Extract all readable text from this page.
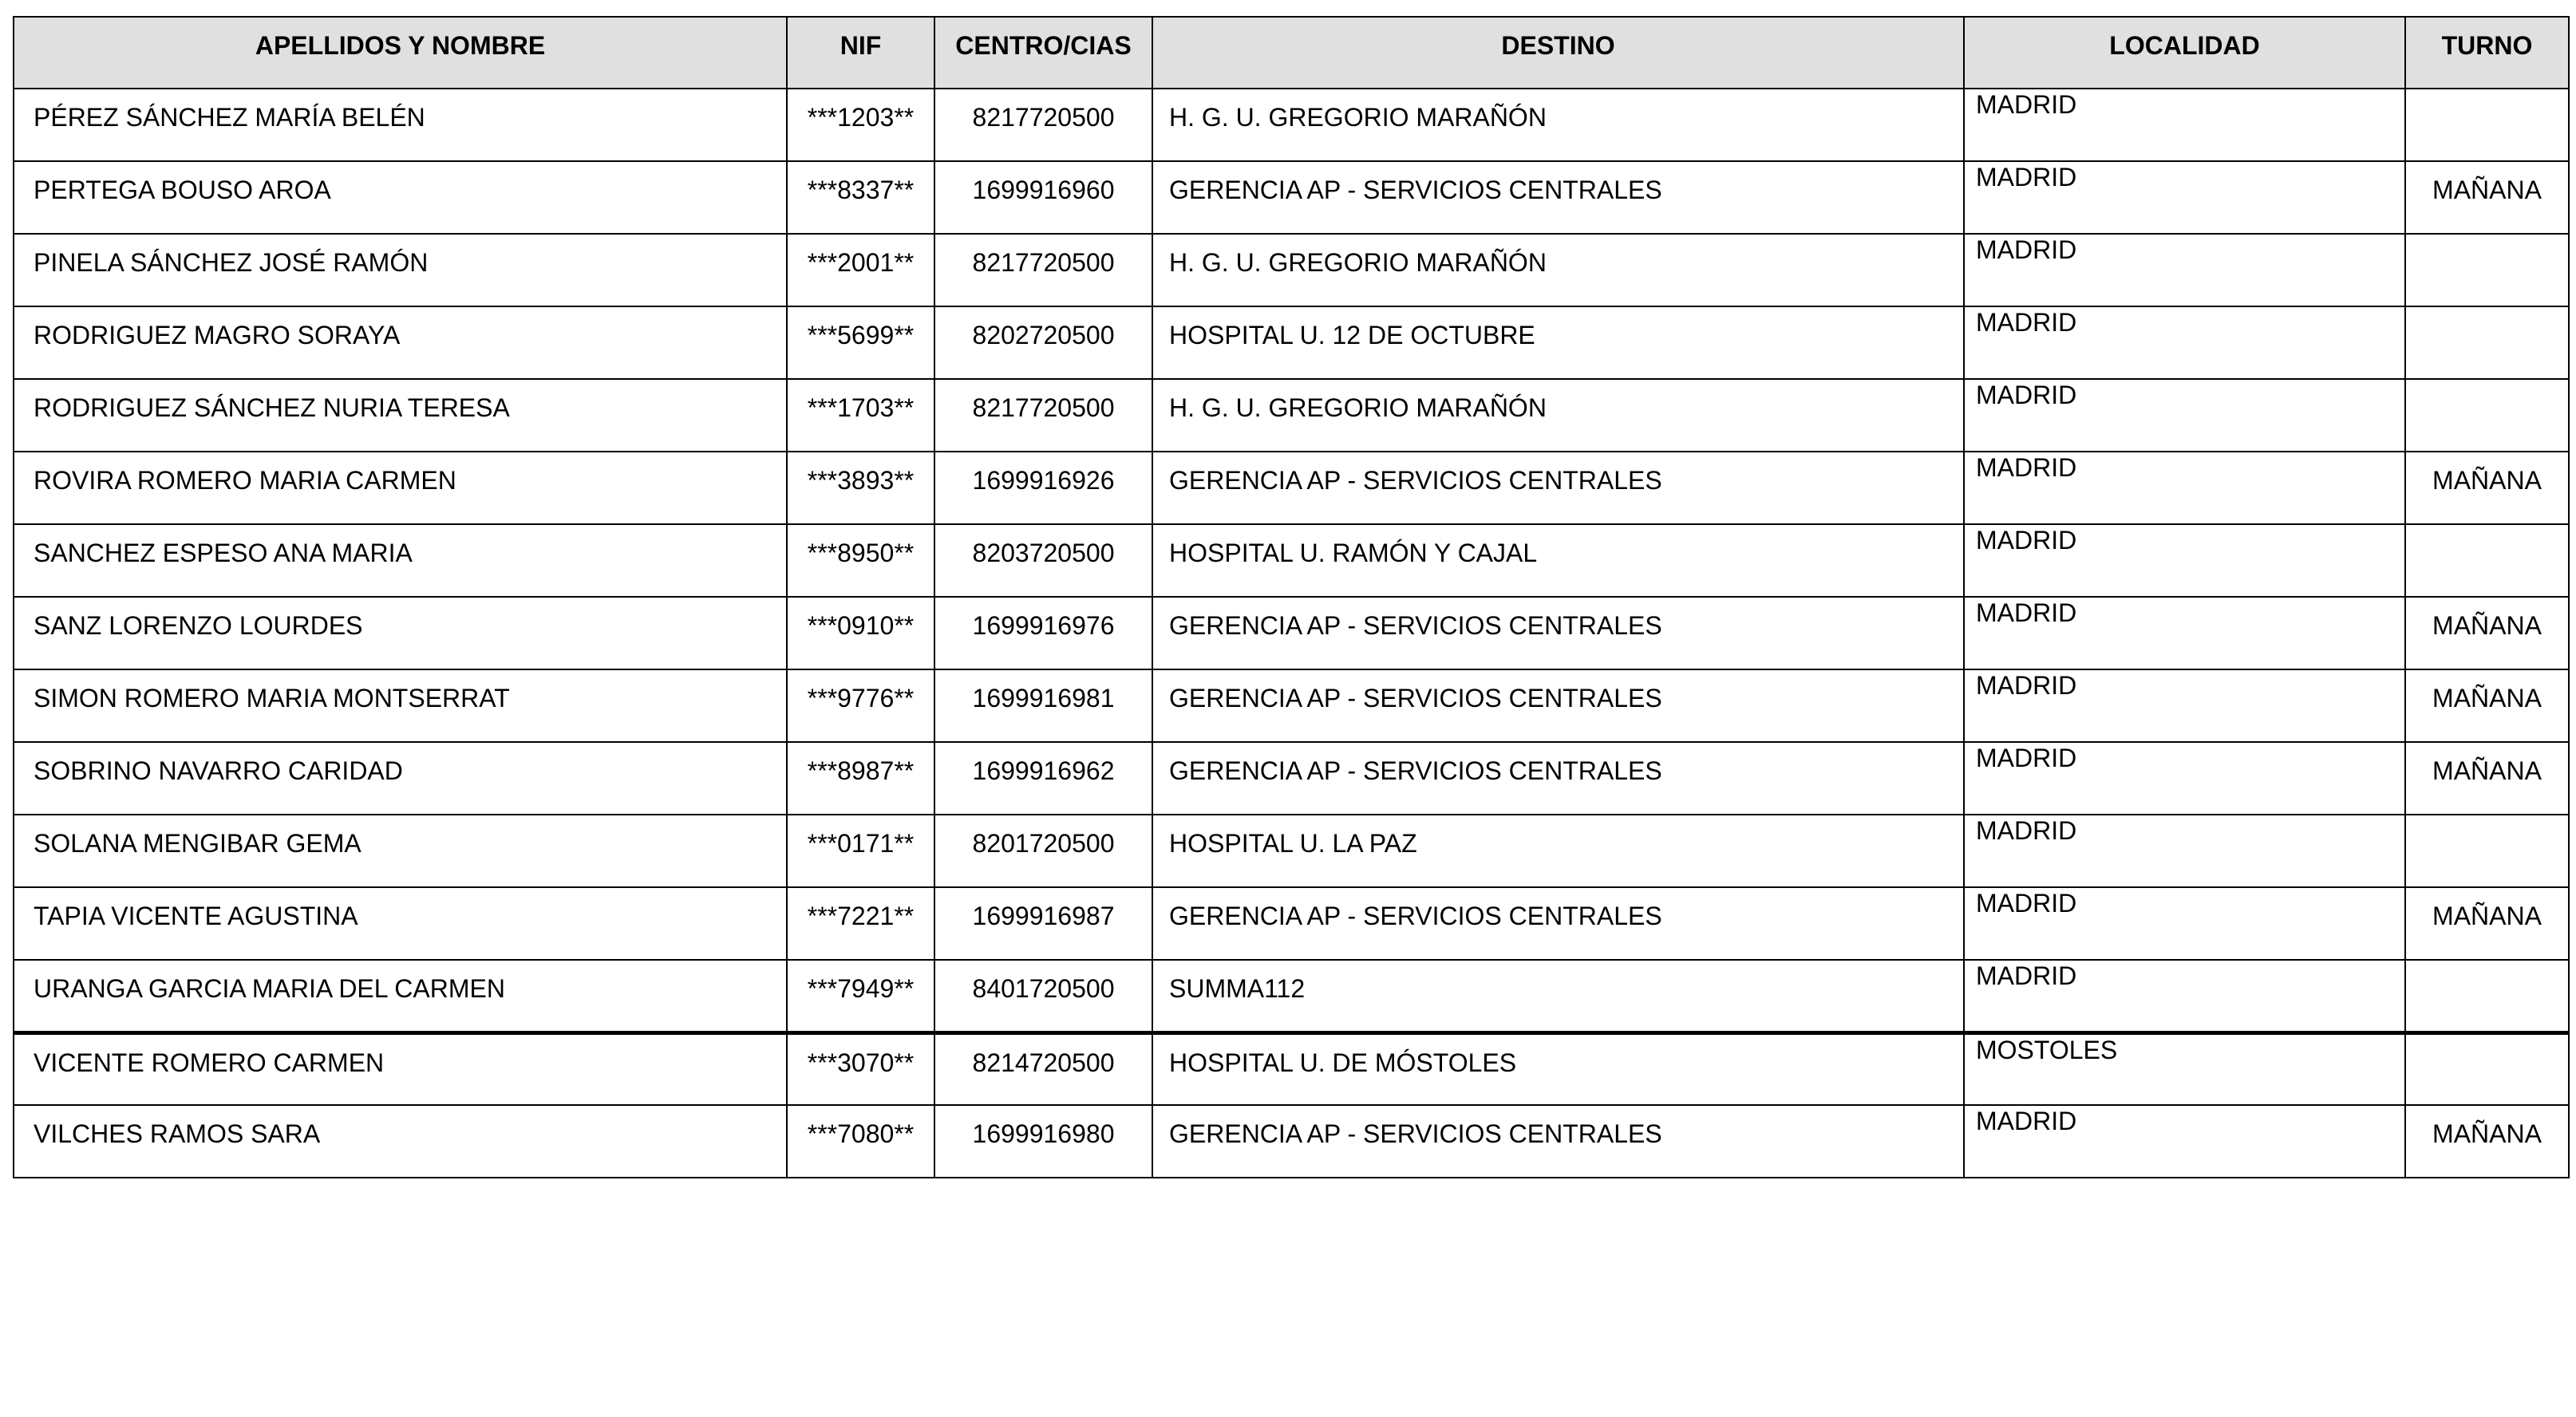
APELLIDOS Y NOMBRE	NIF	CENTRO/CIAS	DESTINO	LOCALIDAD	TURNO
PÉREZ SÁNCHEZ MARÍA BELÉN	***1203**	8217720500	H. G. U. GREGORIO MARAÑÓN	MADRID	
PERTEGA BOUSO AROA	***8337**	1699916960	GERENCIA AP - SERVICIOS CENTRALES	MADRID	MAÑANA
PINELA SÁNCHEZ JOSÉ RAMÓN	***2001**	8217720500	H. G. U. GREGORIO MARAÑÓN	MADRID	
RODRIGUEZ MAGRO SORAYA	***5699**	8202720500	HOSPITAL U. 12 DE OCTUBRE	MADRID	
RODRIGUEZ SÁNCHEZ NURIA TERESA	***1703**	8217720500	H. G. U. GREGORIO MARAÑÓN	MADRID	
ROVIRA ROMERO MARIA CARMEN	***3893**	1699916926	GERENCIA AP - SERVICIOS CENTRALES	MADRID	MAÑANA
SANCHEZ ESPESO ANA MARIA	***8950**	8203720500	HOSPITAL U. RAMÓN Y CAJAL	MADRID	
SANZ LORENZO LOURDES	***0910**	1699916976	GERENCIA AP - SERVICIOS CENTRALES	MADRID	MAÑANA
SIMON ROMERO MARIA MONTSERRAT	***9776**	1699916981	GERENCIA AP - SERVICIOS CENTRALES	MADRID	MAÑANA
SOBRINO NAVARRO CARIDAD	***8987**	1699916962	GERENCIA AP - SERVICIOS CENTRALES	MADRID	MAÑANA
SOLANA MENGIBAR GEMA	***0171**	8201720500	HOSPITAL U. LA PAZ	MADRID	
TAPIA VICENTE AGUSTINA	***7221**	1699916987	GERENCIA AP - SERVICIOS CENTRALES	MADRID	MAÑANA
URANGA GARCIA MARIA DEL CARMEN	***7949**	8401720500	SUMMA112	MADRID	
VICENTE ROMERO CARMEN	***3070**	8214720500	HOSPITAL U. DE MÓSTOLES	MOSTOLES	
VILCHES RAMOS SARA	***7080**	1699916980	GERENCIA AP - SERVICIOS CENTRALES	MADRID	MAÑANA
